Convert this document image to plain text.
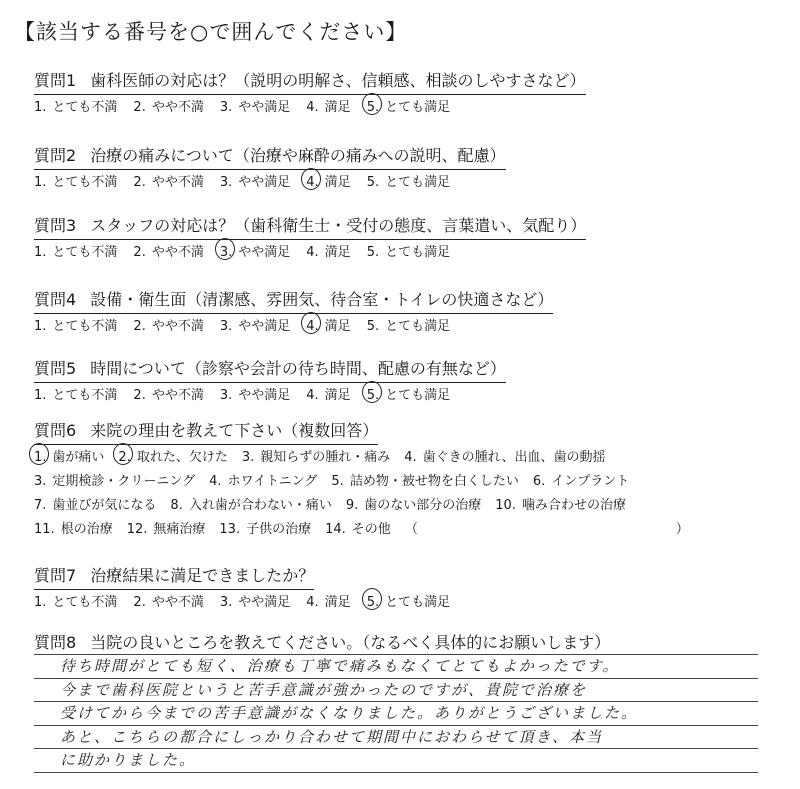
【該当する番号を○で囲んでください】
質問1 歯科医師の対応は？（説明の明解さ、信頼感、相談のしやすさなど）
1. とても不満 2. やや不満 3. やや満足 4. 満足 5. とても満足
質問2 治療の痛みについて（治療や麻酔の痛みへの説明、配慮）
1. とても不満 2. やや不満 3. やや満足 4. 満足 5. とても満足
質問3 スタッフの対応は？（歯科衛生士・受付の態度、言葉遣い、気配り）
1. とても不満 2. やや不満 3. やや満足 4. 満足 5. とても満足
質問4 設備・衛生面（清潔感、雰囲気、待合室・トイレの快適さなど）
1. とても不満 2. やや不満 3. やや満足 4. 満足 5. とても満足
質問5 時間について（診察や会計の待ち時間、配慮の有無など）
1. とても不満 2. やや不満 3. やや満足 4. 満足 5. とても満足
質問6 来院の理由を教えて下さい（複数回答）
1. 歯が痛い 2. 取れた、欠けた 3. 親知らずの腫れ・痛み 4. 歯ぐきの腫れ、出血、歯の動揺
3. 定期検診・クリーニング 4. ホワイトニング 5. 詰め物・被せ物を白くしたい 6. インプラント
7. 歯並びが気になる 8. 入れ歯が合わない・痛い 9. 歯のない部分の治療 10. 噛み合わせの治療
11. 根の治療 12. 無痛治療 13. 子供の治療 14. その他 （	）
質問7 治療結果に満足できましたか？
1. とても不満 2. やや不満 3. やや満足 4. 満足 5. とても満足
質問8 当院の良いところを教えてください。（なるべく具体的にお願いします）
待ち時間がとても短く、治療も丁寧で痛みもなくてとてもよかったです。
今まで歯科医院というと苦手意識が強かったのですが、貴院で治療を
受けてから今までの苦手意識がなくなりました。ありがとうございました。
あと、こちらの都合にしっかり合わせて期間中におわらせて頂き、本当
に助かりました。
